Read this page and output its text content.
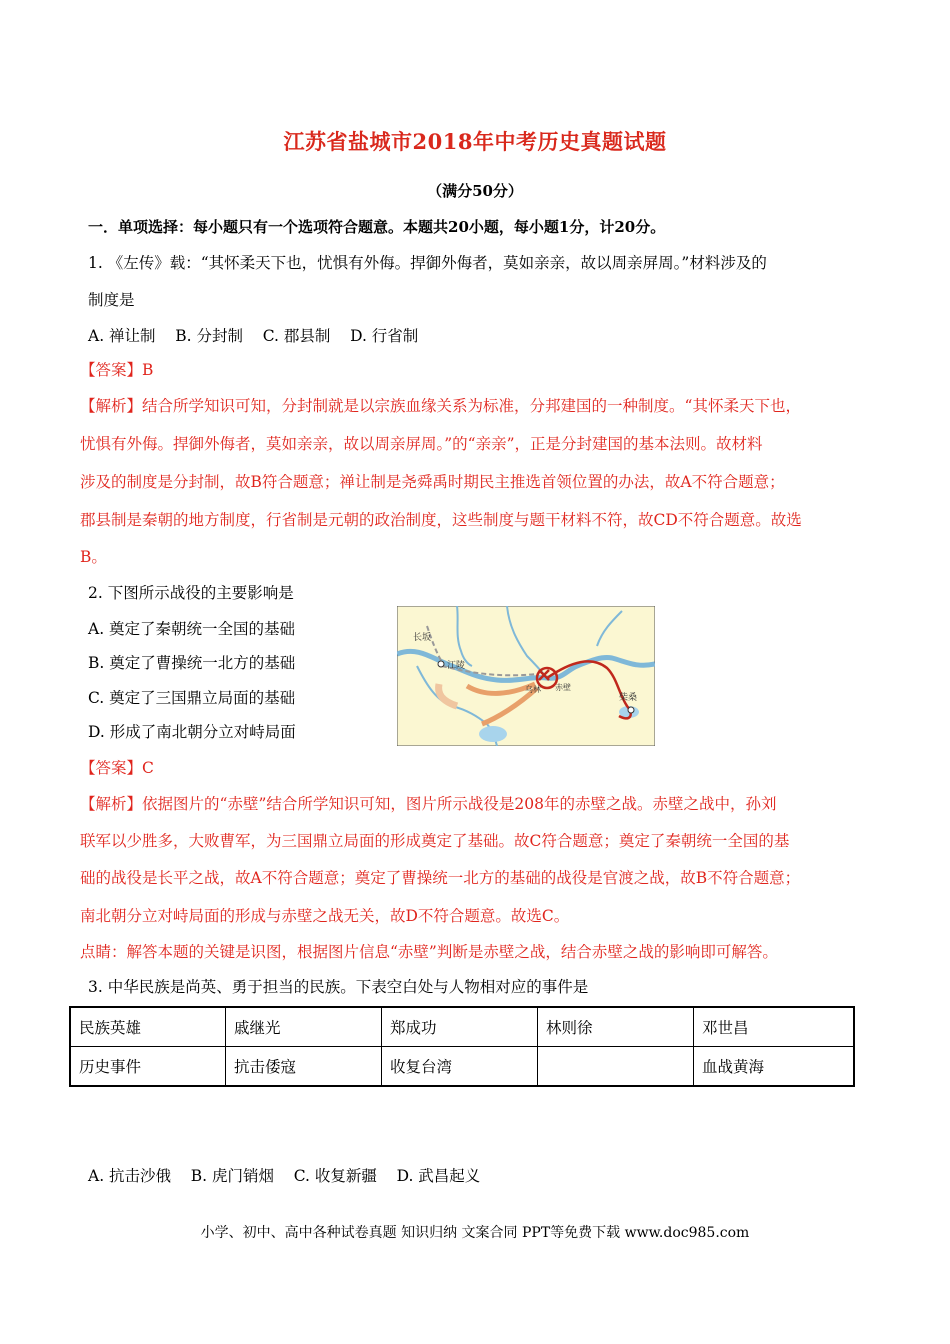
江苏省盐城市2018年中考历史真题试题
（满分50分）
一．单项选择：每小题只有一个选项符合题意。本题共20小题，每小题1分，计20分。
1. 《左传》载：“其怀柔天下也，忧惧有外侮。捍御外侮者，莫如亲亲，故以周亲屏周。”材料涉及的
制度是
A. 禅让制    B. 分封制    C. 郡县制    D. 行省制
【答案】B
【解析】结合所学知识可知，分封制就是以宗族血缘关系为标准，分邦建国的一种制度。“其怀柔天下也，
忧惧有外侮。捍御外侮者，莫如亲亲，故以周亲屏周。”的“亲亲”，正是分封建国的基本法则。故材料
涉及的制度是分封制，故B符合题意；禅让制是尧舜禹时期民主推选首领位置的办法，故A不符合题意；
郡县制是秦朝的地方制度，行省制是元朝的政治制度，这些制度与题干材料不符，故CD不符合题意。故选
B。
2. 下图所示战役的主要影响是
A. 奠定了秦朝统一全国的基础
B. 奠定了曹操统一北方的基础
C. 奠定了三国鼎立局面的基础
D. 形成了南北朝分立对峙局面
长坂
江陵
乌林 赤壁
柴桑
【答案】C
【解析】依据图片的“赤壁”结合所学知识可知，图片所示战役是208年的赤壁之战。赤壁之战中，孙刘
联军以少胜多，大败曹军，为三国鼎立局面的形成奠定了基础。故C符合题意；奠定了秦朝统一全国的基
础的战役是长平之战，故A不符合题意；奠定了曹操统一北方的基础的战役是官渡之战，故B不符合题意；
南北朝分立对峙局面的形成与赤壁之战无关，故D不符合题意。故选C。
点睛：解答本题的关键是识图，根据图片信息“赤壁”判断是赤壁之战，结合赤壁之战的影响即可解答。
3. 中华民族是尚英、勇于担当的民族。下表空白处与人物相对应的事件是
民族英雄	戚继光	郑成功	林则徐	邓世昌
历史事件	抗击倭寇	收复台湾		血战黄海
A. 抗击沙俄    B. 虎门销烟    C. 收复新疆    D. 武昌起义
小学、初中、高中各种试卷真题 知识归纳 文案合同 PPT等免费下载 www.doc985.com
